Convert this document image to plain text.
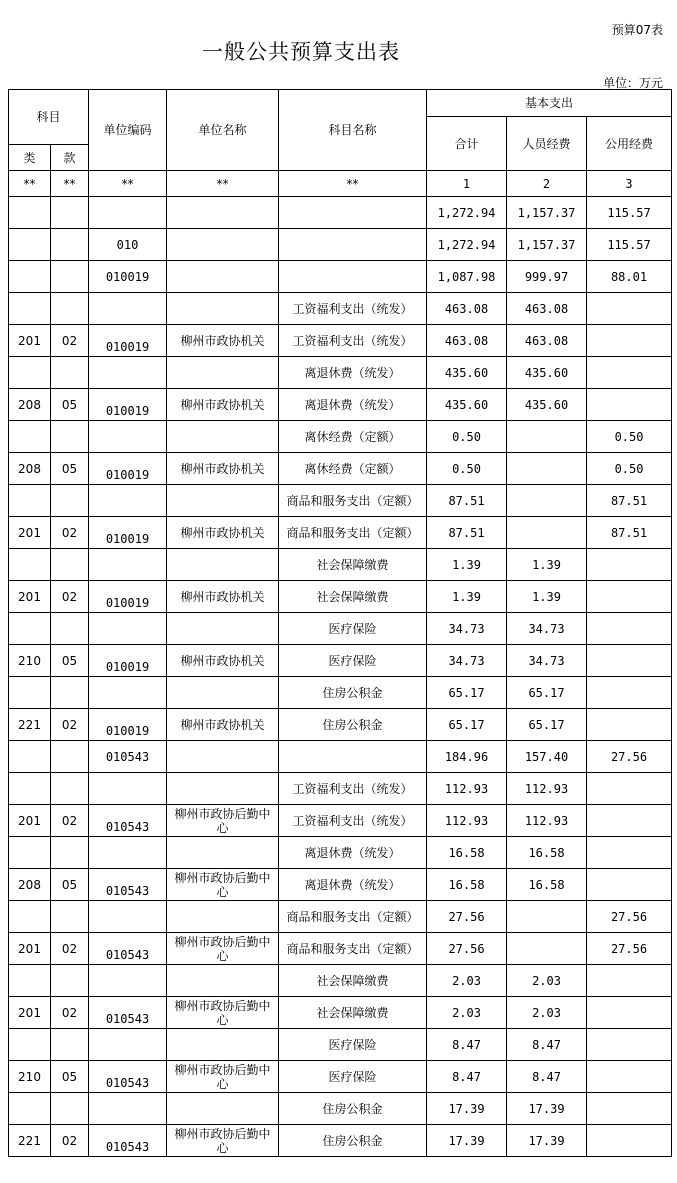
预算07表
一般公共预算支出表
单位：万元
科目		单位编码	单位名称	科目名称	基本支出		
					合计	人员经费	公用经费
类	款						
**	**	**	**	**	1	2	3
					1,272.94	1,157.37	115.57
		010			1,272.94	1,157.37	115.57
		010019			1,087.98	999.97	88.01
				工资福利支出（统发）	463.08	463.08	
201	02	010019	柳州市政协机关	工资福利支出（统发）	463.08	463.08	
				离退休费（统发）	435.60	435.60	
208	05	010019	柳州市政协机关	离退休费（统发）	435.60	435.60	
				离休经费（定额）	0.50		0.50
208	05	010019	柳州市政协机关	离休经费（定额）	0.50		0.50
				商品和服务支出（定额）	87.51		87.51
201	02	010019	柳州市政协机关	商品和服务支出（定额）	87.51		87.51
				社会保障缴费	1.39	1.39	
201	02	010019	柳州市政协机关	社会保障缴费	1.39	1.39	
				医疗保险	34.73	34.73	
210	05	010019	柳州市政协机关	医疗保险	34.73	34.73	
				住房公积金	65.17	65.17	
221	02	010019	柳州市政协机关	住房公积金	65.17	65.17	
		010543			184.96	157.40	27.56
				工资福利支出（统发）	112.93	112.93	
201	02	010543	柳州市政协后勤中心	工资福利支出（统发）	112.93	112.93	
				离退休费（统发）	16.58	16.58	
208	05	010543	柳州市政协后勤中心	离退休费（统发）	16.58	16.58	
				商品和服务支出（定额）	27.56		27.56
201	02	010543	柳州市政协后勤中心	商品和服务支出（定额）	27.56		27.56
				社会保障缴费	2.03	2.03	
201	02	010543	柳州市政协后勤中心	社会保障缴费	2.03	2.03	
				医疗保险	8.47	8.47	
210	05	010543	柳州市政协后勤中心	医疗保险	8.47	8.47	
				住房公积金	17.39	17.39	
221	02	010543	柳州市政协后勤中心	住房公积金	17.39	17.39	
